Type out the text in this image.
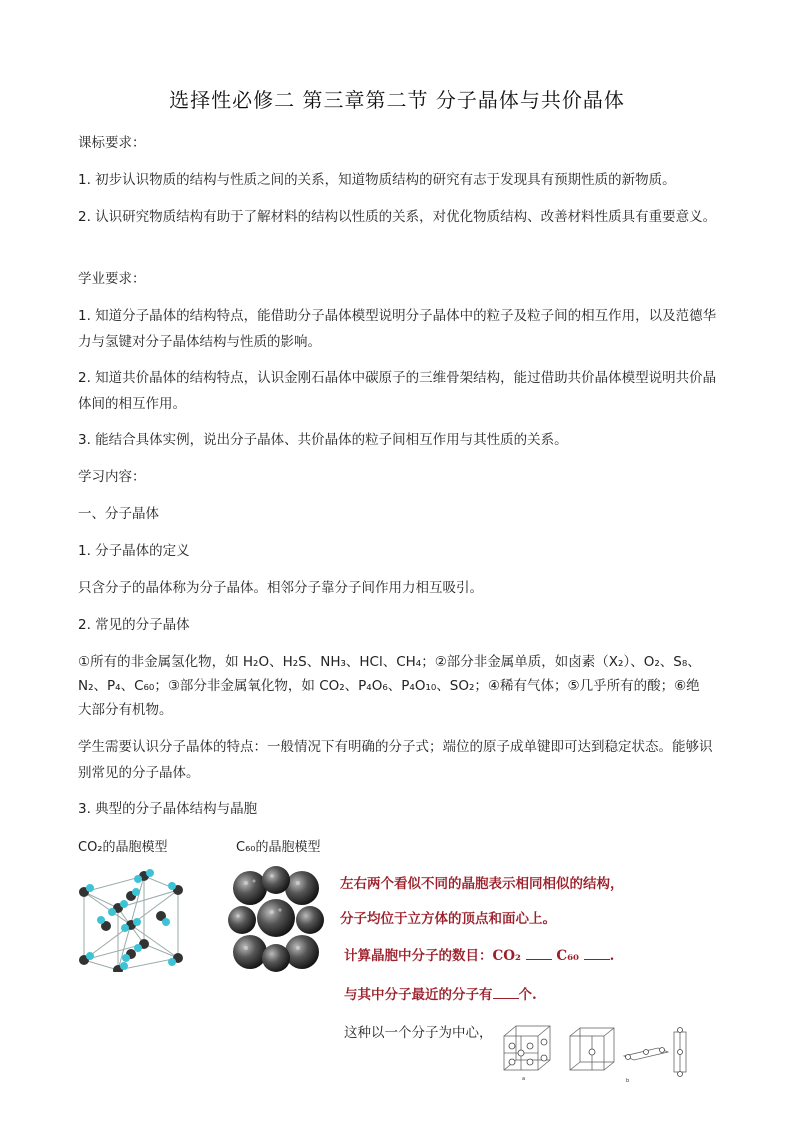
选择性必修二 第三章第二节 分子晶体与共价晶体
课标要求：
1. 初步认识物质的结构与性质之间的关系，知道物质结构的研究有志于发现具有预期性质的新物质。
2. 认识研究物质结构有助于了解材料的结构以性质的关系，对优化物质结构、改善材料性质具有重要意义。
学业要求：
1. 知道分子晶体的结构特点，能借助分子晶体模型说明分子晶体中的粒子及粒子间的相互作用，以及范德华力与氢键对分子晶体结构与性质的影响。
2. 知道共价晶体的结构特点，认识金刚石晶体中碳原子的三维骨架结构，能过借助共价晶体模型说明共价晶体间的相互作用。
3. 能结合具体实例，说出分子晶体、共价晶体的粒子间相互作用与其性质的关系。
学习内容：
一、分子晶体
1. 分子晶体的定义
只含分子的晶体称为分子晶体。相邻分子靠分子间作用力相互吸引。
2. 常见的分子晶体
①所有的非金属氢化物，如 H₂O、H₂S、NH₃、HCl、CH₄；②部分非金属单质，如卤素（X₂）、O₂、S₈、
N₂、P₄、C₆₀；③部分非金属氧化物，如 CO₂、P₄O₆、P₄O₁₀、SO₂；④稀有气体；⑤几乎所有的酸；⑥绝
大部分有机物。
学生需要认识分子晶体的特点：一般情况下有明确的分子式；端位的原子成单键即可达到稳定状态。能够识别常见的分子晶体。
3. 典型的分子晶体结构与晶胞
CO₂的晶胞模型	C₆₀的晶胞模型
左右两个看似不同的晶胞表示相同相似的结构，
分子均位于立方体的顶点和面心上。
计算晶胞中分子的数目：CO₂	C₆₀ .
与其中分子最近的分子有 个.
这种以一个分子为中心，
a	b
